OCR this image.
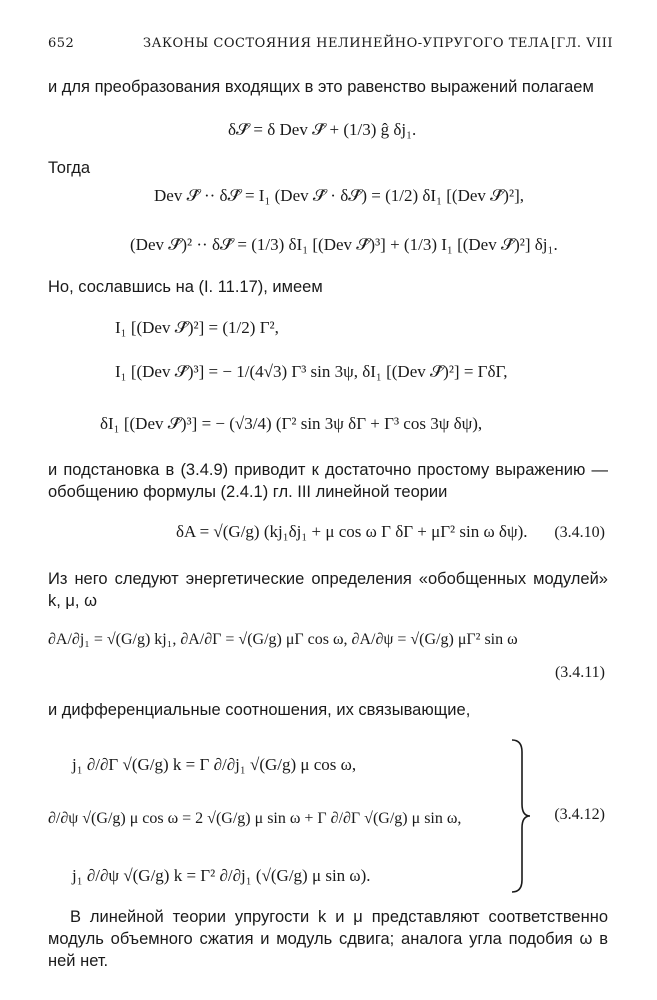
652	ЗАКОНЫ СОСТОЯНИЯ НЕЛИНЕЙНО-УПРУГОГО ТЕЛА [ГЛ. VIII
и для преобразования входящих в это равенство выражений полагаем
δ𝒮̂ = δ Dev 𝒮̂ + (1/3) ĝ δj₁.
Тогда
Dev 𝒮̂ ·· δ𝒮̂ = I₁ (Dev 𝒮̂ · δ𝒮̂) = (1/2) δI₁ [(Dev 𝒮̂)²],
(Dev 𝒮̂)² ·· δ𝒮̂ = (1/3) δI₁ [(Dev 𝒮̂)³] + (1/3) I₁ [(Dev 𝒮̂)²] δj₁.
Но, сославшись на (I. 11.17), имеем
I₁ [(Dev 𝒮̂)²] = (1/2) Γ²,
I₁ [(Dev 𝒮̂)³] = − 1/(4√3) Γ³ sin 3ψ, δI₁ [(Dev 𝒮̂)²] = ΓδΓ,
δI₁ [(Dev 𝒮̂)³] = − (√3/4) (Γ² sin 3ψ δΓ + Γ³ cos 3ψ δψ),
и подстановка в (3.4.9) приводит к достаточно простому выражению — обобщению формулы (2.4.1) гл. III линейной теории
δA = √(G/g) (kj₁δj₁ + μ cos ω Γ δΓ + μΓ² sin ω δψ). (3.4.10)
Из него следуют энергетические определения «обобщенных модулей» k, μ, ω
∂A/∂j₁ = √(G/g) kj₁, ∂A/∂Γ = √(G/g) μΓ cos ω, ∂A/∂ψ = √(G/g) μΓ² sin ω
(3.4.11)
и дифференциальные соотношения, их связывающие,
j₁ ∂/∂Γ √(G/g) k = Γ ∂/∂j₁ √(G/g) μ cos ω,
∂/∂ψ √(G/g) μ cos ω = 2 √(G/g) μ sin ω + Γ ∂/∂Γ √(G/g) μ sin ω,
j₁ ∂/∂ψ √(G/g) k = Γ² ∂/∂j₁ (√(G/g) μ sin ω).
(3.4.12)
В линейной теории упругости k и μ представляют соответственно модуль объемного сжатия и модуль сдвига; аналога угла подобия ω в ней нет.
